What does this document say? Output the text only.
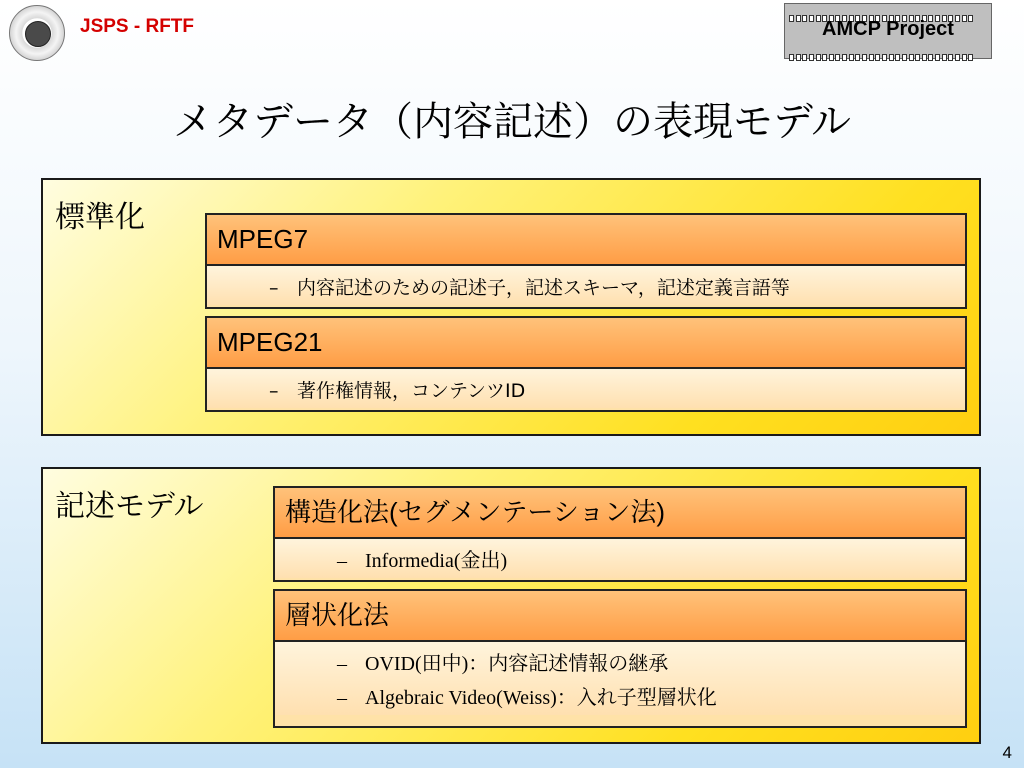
JSPS - RFTF	AMCP Project
メタデータ（内容記述）の表現モデル
標準化
MPEG7
– 内容記述のための記述子，記述スキーマ，記述定義言語等
MPEG21
– 著作権情報，コンテンツID
記述モデル	構造化法(セグメンテーション法)
– Informedia(金出)
層状化法
– OVID(田中)：内容記述情報の継承
– Algebraic Video(Weiss)：入れ子型層状化
4
